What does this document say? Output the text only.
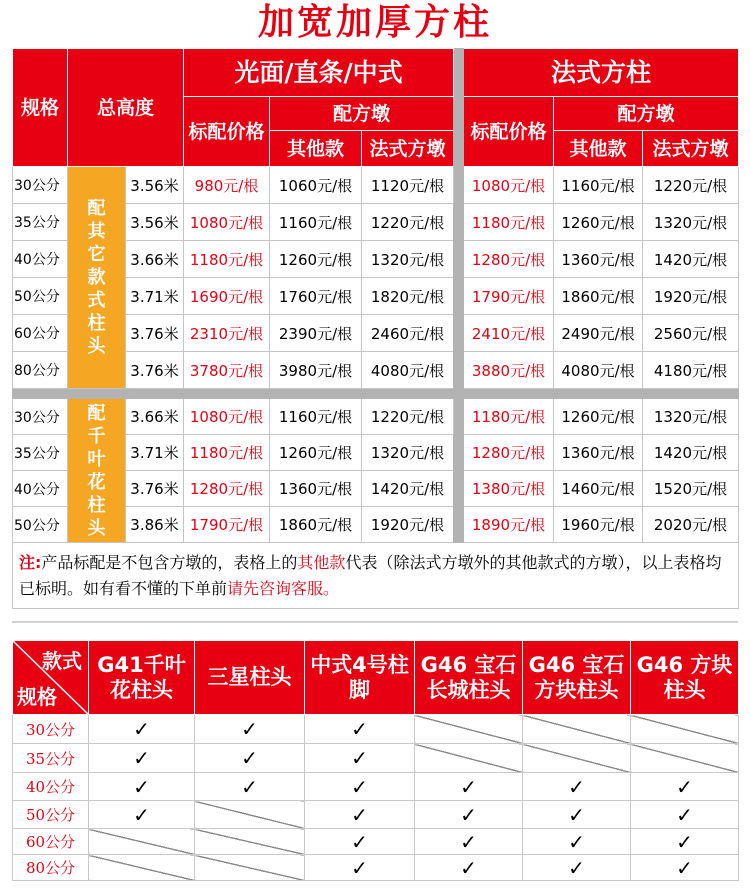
加宽加厚方柱
规格	总高度		光面/直条/中式				法式方柱		
			标配价格	配方墩			标配价格	配方墩	
				其他款	法式方墩			其他款	法式方墩
30公分	配其它款式柱头	3.56米	980元/根	1060元/根	1120元/根		1080元/根	1160元/根	1220元/根
35公分		3.56米	1080元/根	1160元/根	1220元/根		1180元/根	1260元/根	1320元/根
40公分		3.66米	1180元/根	1260元/根	1320元/根		1280元/根	1360元/根	1420元/根
50公分		3.71米	1690元/根	1760元/根	1820元/根		1790元/根	1860元/根	1920元/根
60公分		3.76米	2310元/根	2390元/根	2460元/根		2410元/根	2490元/根	2560元/根
80公分		3.76米	3780元/根	3980元/根	4080元/根		3880元/根	4080元/根	4180元/根

30公分	配千叶花柱头	3.66米	1080元/根	1160元/根	1220元/根		1180元/根	1260元/根	1320元/根
35公分		3.71米	1180元/根	1260元/根	1320元/根		1280元/根	1360元/根	1420元/根
40公分		3.76米	1280元/根	1360元/根	1420元/根		1380元/根	1460元/根	1520元/根
50公分		3.86米	1790元/根	1860元/根	1920元/根		1890元/根	1960元/根	2020元/根
注:产品标配是不包含方墩的，表格上的其他款代表（除法式方墩外的其他款式的方墩），以上表格均已标明。如有看不懂的下单前请先咨询客服。									
款式
规格	G41千叶花柱头	三星柱头	中式4号柱脚	G46 宝石长城柱头	G46 宝石方块柱头	G46 方块柱头
30公分	✓	✓	✓			
35公分	✓	✓	✓			
40公分	✓	✓	✓	✓	✓	✓
50公分	✓		✓	✓	✓	✓
60公分			✓	✓	✓	✓
80公分			✓	✓	✓	✓
